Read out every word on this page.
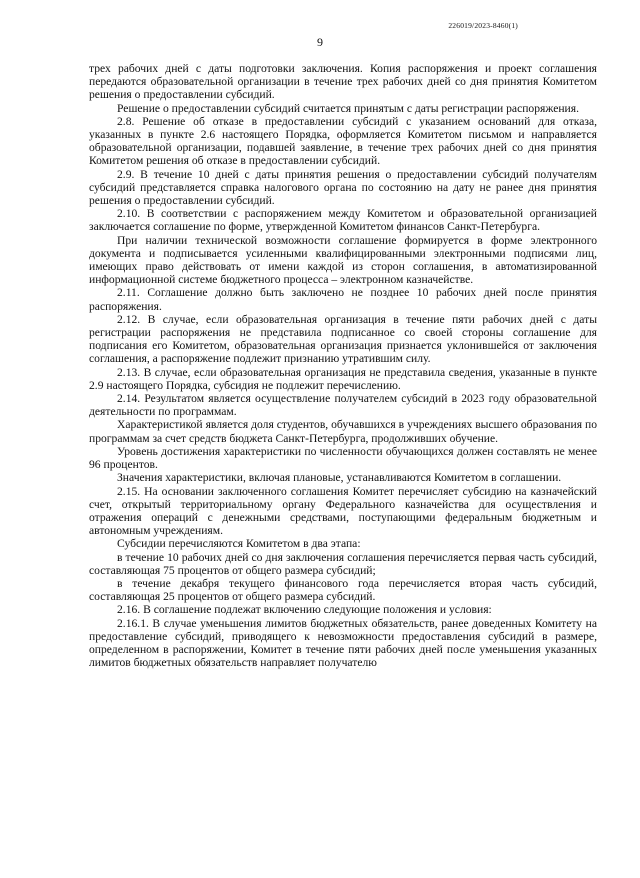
226019/2023-8460(1)
9

трех рабочих дней с даты подготовки заключения. Копия распоряжения и проект соглашения передаются образовательной организации в течение трех рабочих дней со дня принятия Комитетом решения о предоставлении субсидий.

Решение о предоставлении субсидий считается принятым с даты регистрации распоряжения.

2.8. Решение об отказе в предоставлении субсидий с указанием оснований для отказа, указанных в пункте 2.6 настоящего Порядка, оформляется Комитетом письмом и направляется образовательной организации, подавшей заявление, в течение трех рабочих дней со дня принятия Комитетом решения об отказе в предоставлении субсидий.

2.9. В течение 10 дней с даты принятия решения о предоставлении субсидий получателям субсидий представляется справка налогового органа по состоянию на дату не ранее дня принятия решения о предоставлении субсидий.

2.10. В соответствии с распоряжением между Комитетом и образовательной организацией заключается соглашение по форме, утвержденной Комитетом финансов Санкт-Петербурга.

При наличии технической возможности соглашение формируется в форме электронного документа и подписывается усиленными квалифицированными электронными подписями лиц, имеющих право действовать от имени каждой из сторон соглашения, в автоматизированной информационной системе бюджетного процесса – электронном казначействе.

2.11. Соглашение должно быть заключено не позднее 10 рабочих дней после принятия распоряжения.

2.12. В случае, если образовательная организация в течение пяти рабочих дней с даты регистрации распоряжения не представила подписанное со своей стороны соглашение для подписания его Комитетом, образовательная организация признается уклонившейся от заключения соглашения, а распоряжение подлежит признанию утратившим силу.

2.13. В случае, если образовательная организация не представила сведения, указанные в пункте 2.9 настоящего Порядка, субсидия не подлежит перечислению.

2.14. Результатом является осуществление получателем субсидий в 2023 году образовательной деятельности по программам.

Характеристикой является доля студентов, обучавшихся в учреждениях высшего образования по программам за счет средств бюджета Санкт-Петербурга, продолживших обучение.

Уровень достижения характеристики по численности обучающихся должен составлять не менее 96 процентов.

Значения характеристики, включая плановые, устанавливаются Комитетом в соглашении.

2.15. На основании заключенного соглашения Комитет перечисляет субсидию на казначейский счет, открытый территориальному органу Федерального казначейства для осуществления и отражения операций с денежными средствами, поступающими федеральным бюджетным и автономным учреждениям.

Субсидии перечисляются Комитетом в два этапа:

в течение 10 рабочих дней со дня заключения соглашения перечисляется первая часть субсидий, составляющая 75 процентов от общего размера субсидий;

в течение декабря текущего финансового года перечисляется вторая часть субсидий, составляющая 25 процентов от общего размера субсидий.

2.16. В соглашение подлежат включению следующие положения и условия:

2.16.1. В случае уменьшения лимитов бюджетных обязательств, ранее доведенных Комитету на предоставление субсидий, приводящего к невозможности предоставления субсидий в размере, определенном в распоряжении, Комитет в течение пяти рабочих дней после уменьшения указанных лимитов бюджетных обязательств направляет получателю
